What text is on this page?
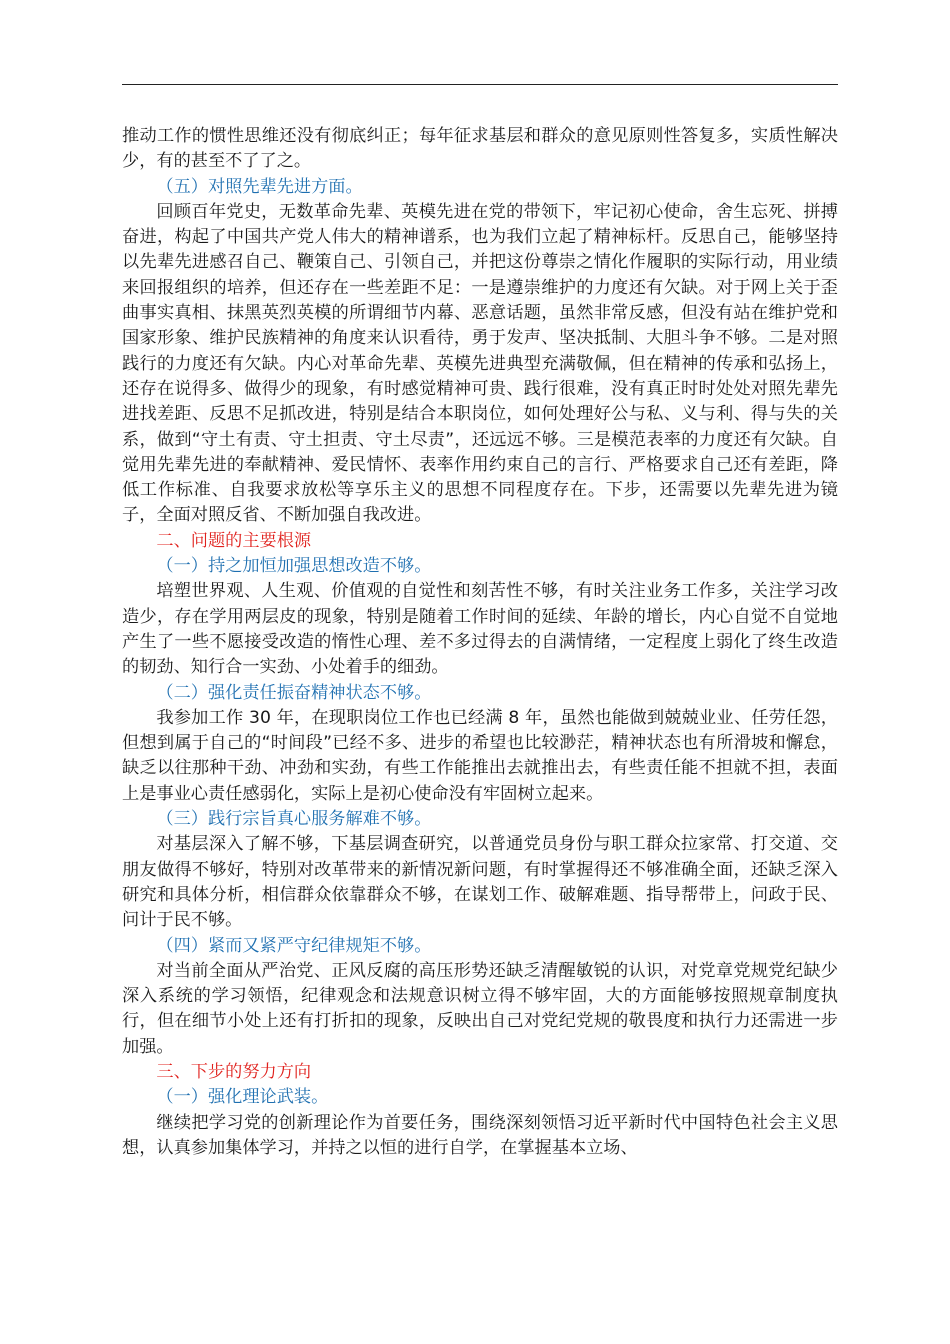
推动工作的惯性思维还没有彻底纠正；每年征求基层和群众的意见原则性答复多，实质性解决少，有的甚至不了了之。

（五）对照先辈先进方面。

回顾百年党史，无数革命先辈、英模先进在党的带领下，牢记初心使命，舍生忘死、拼搏奋进，构起了中国共产党人伟大的精神谱系，也为我们立起了精神标杆。反思自己，能够坚持以先辈先进感召自己、鞭策自己、引领自己，并把这份尊崇之情化作履职的实际行动，用业绩来回报组织的培养，但还存在一些差距不足：一是遵崇维护的力度还有欠缺。对于网上关于歪曲事实真相、抹黑英烈英模的所谓细节内幕、恶意话题，虽然非常反感，但没有站在维护党和国家形象、维护民族精神的角度来认识看待，勇于发声、坚决抵制、大胆斗争不够。二是对照践行的力度还有欠缺。内心对革命先辈、英模先进典型充满敬佩，但在精神的传承和弘扬上，还存在说得多、做得少的现象，有时感觉精神可贵、践行很难，没有真正时时处处对照先辈先进找差距、反思不足抓改进，特别是结合本职岗位，如何处理好公与私、义与利、得与失的关系，做到“守土有责、守土担责、守土尽责”，还远远不够。三是模范表率的力度还有欠缺。自觉用先辈先进的奉献精神、爱民情怀、表率作用约束自己的言行、严格要求自己还有差距，降低工作标准、自我要求放松等享乐主义的思想不同程度存在。下步，还需要以先辈先进为镜子，全面对照反省、不断加强自我改进。

二、问题的主要根源

（一）持之加恒加强思想改造不够。

培塑世界观、人生观、价值观的自觉性和刻苦性不够，有时关注业务工作多，关注学习改造少，存在学用两层皮的现象，特别是随着工作时间的延续、年龄的增长，内心自觉不自觉地产生了一些不愿接受改造的惰性心理、差不多过得去的自满情绪，一定程度上弱化了终生改造的韧劲、知行合一实劲、小处着手的细劲。

（二）强化责任振奋精神状态不够。

我参加工作 30 年，在现职岗位工作也已经满 8 年，虽然也能做到兢兢业业、任劳任怨，但想到属于自己的“时间段”已经不多、进步的希望也比较渺茫，精神状态也有所滑坡和懈怠，缺乏以往那种干劲、冲劲和实劲，有些工作能推出去就推出去，有些责任能不担就不担，表面上是事业心责任感弱化，实际上是初心使命没有牢固树立起来。

（三）践行宗旨真心服务解难不够。

对基层深入了解不够，下基层调查研究，以普通党员身份与职工群众拉家常、打交道、交朋友做得不够好，特别对改革带来的新情况新问题，有时掌握得还不够准确全面，还缺乏深入研究和具体分析，相信群众依靠群众不够，在谋划工作、破解难题、指导帮带上，问政于民、问计于民不够。

（四）紧而又紧严守纪律规矩不够。

对当前全面从严治党、正风反腐的高压形势还缺乏清醒敏锐的认识，对党章党规党纪缺少深入系统的学习领悟，纪律观念和法规意识树立得不够牢固，大的方面能够按照规章制度执行，但在细节小处上还有打折扣的现象，反映出自己对党纪党规的敬畏度和执行力还需进一步加强。

三、下步的努力方向

（一）强化理论武装。

继续把学习党的创新理论作为首要任务，围绕深刻领悟习近平新时代中国特色社会主义思想，认真参加集体学习，并持之以恒的进行自学，在掌握基本立场、
